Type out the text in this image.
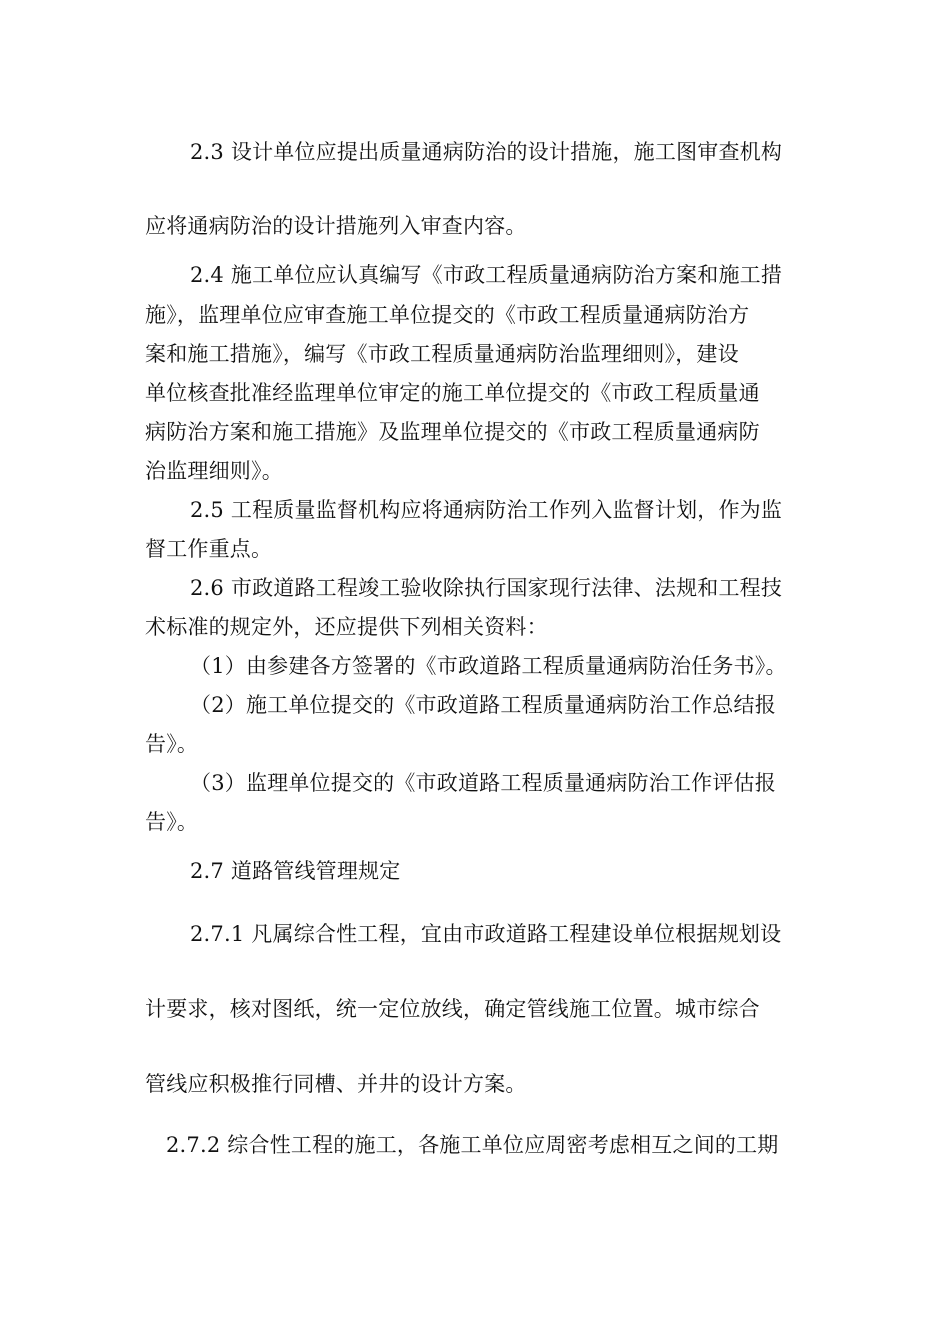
2.3 设计单位应提出质量通病防治的设计措施，施工图审查机构
应将通病防治的设计措施列入审查内容。
2.4 施工单位应认真编写《市政工程质量通病防治方案和施工措
施》，监理单位应审查施工单位提交的《市政工程质量通病防治方
案和施工措施》，编写《市政工程质量通病防治监理细则》，建设
单位核查批准经监理单位审定的施工单位提交的《市政工程质量通
病防治方案和施工措施》及监理单位提交的《市政工程质量通病防
治监理细则》。
2.5 工程质量监督机构应将通病防治工作列入监督计划，作为监
督工作重点。
2.6 市政道路工程竣工验收除执行国家现行法律、法规和工程技
术标准的规定外，还应提供下列相关资料：
（1）由参建各方签署的《市政道路工程质量通病防治任务书》。
（2）施工单位提交的《市政道路工程质量通病防治工作总结报
告》。
（3）监理单位提交的《市政道路工程质量通病防治工作评估报
告》。
2.7 道路管线管理规定
2.7.1 凡属综合性工程，宜由市政道路工程建设单位根据规划设
计要求，核对图纸，统一定位放线，确定管线施工位置。城市综合
管线应积极推行同槽、并井的设计方案。
2.7.2 综合性工程的施工，各施工单位应周密考虑相互之间的工期
